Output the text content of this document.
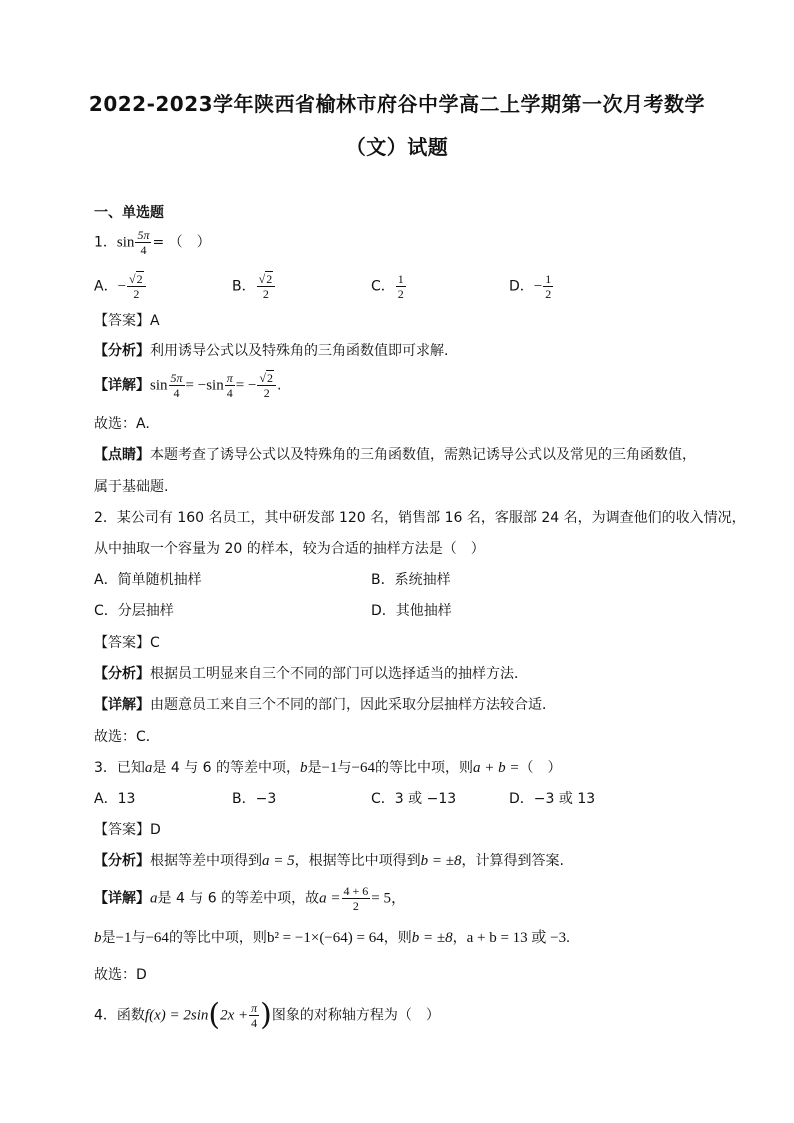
2022-2023学年陕西省榆林市府谷中学高二上学期第一次月考数学
（文）试题
一、单选题
1．$\sin \frac{5\pi}{4}$ = （　）
A．− $\frac{√2}{2}$	B． $\frac{√2}{2}$	C． $\frac{1}{2}$	D．− $\frac{1}{2}$
【答案】A
【分析】利用诱导公式以及特殊角的三角函数值即可求解.
【详解】$\sin \frac{5\pi}{4} = -\sin \frac{\pi}{4}$ = − $\frac{√2}{2}$ .
故选：A.
【点睛】本题考查了诱导公式以及特殊角的三角函数值，需熟记诱导公式以及常见的三角函数值，
属于基础题.
2．某公司有 160 名员工，其中研发部 120 名，销售部 16 名，客服部 24 名，为调查他们的收入情况，
从中抽取一个容量为 20 的样本，较为合适的抽样方法是（　）
A．简单随机抽样	B．系统抽样
C．分层抽样	D．其他抽样
【答案】C
【分析】根据员工明显来自三个不同的部门可以选择适当的抽样方法．
【详解】由题意员工来自三个不同的部门，因此采取分层抽样方法较合适．
故选：C．
3．已知a是 4 与 6 的等差中项，b是−1与−64的等比中项，则a + b =（　）
A．13	B．−3	C．3 或 −13	D．−3 或 13
【答案】D
【分析】根据等差中项得到a = 5，根据等比中项得到b = ±8，计算得到答案.
【详解】a是 4 与 6 的等差中项，故$a = \frac{4 + 6}{2} = 5$，
b是−1与−64的等比中项，则b² = −1×(−64) = 64，则b = ±8，a + b = 13 或 −3.
故选：D
4．函数$f(x) = 2\sin(2x + \frac{\pi}{4}$ )图象的对称轴方程为（　）
